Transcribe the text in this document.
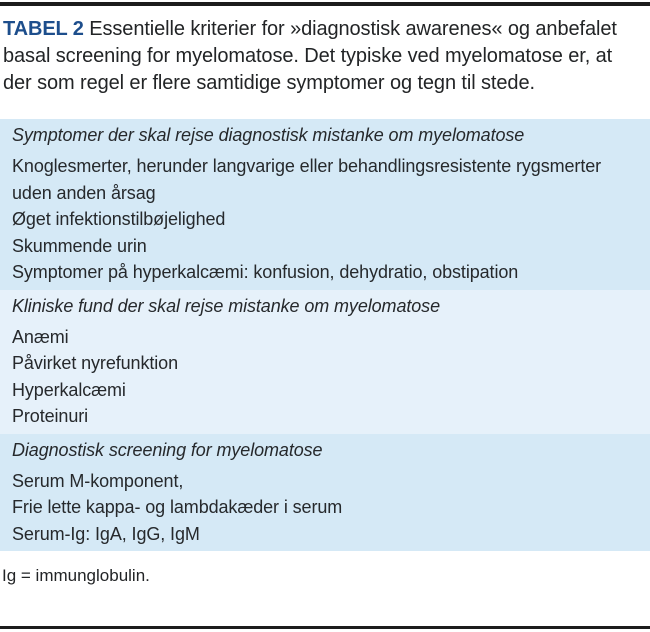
TABEL 2 Essentielle kriterier for »diagnostisk awarenes« og anbefalet basal screening for myelomatose. Det typiske ved myelomatose er, at der som regel er flere samtidige symptomer og tegn til stede.

Symptomer der skal rejse diagnostisk mistanke om myelomatose

Knoglesmerter, herunder langvarige eller behandlingsresistente rygsmerter uden anden årsag

Øget infektionstilbøjelighed

Skummende urin

Symptomer på hyperkalcæmi: konfusion, dehydratio, obstipation

Kliniske fund der skal rejse mistanke om myelomatose

Anæmi

Påvirket nyrefunktion

Hyperkalcæmi

Proteinuri

Diagnostisk screening for myelomatose

Serum M-komponent,

Frie lette kappa- og lambdakæder i serum

Serum-Ig: IgA, IgG, IgM

Ig = immunglobulin.
